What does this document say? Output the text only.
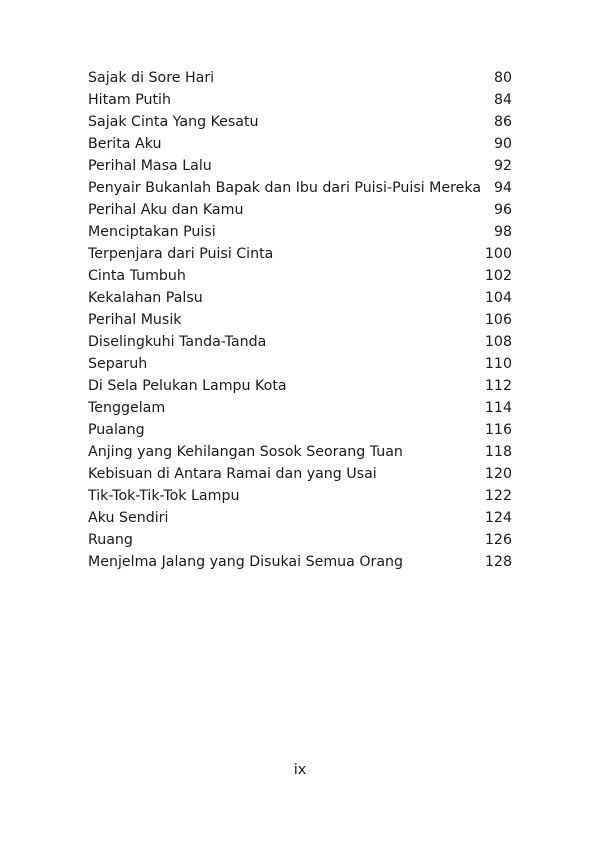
Sajak di Sore Hari	80
Hitam Putih	84
Sajak Cinta Yang Kesatu	86
Berita Aku	90
Perihal Masa Lalu	92
Penyair Bukanlah Bapak dan Ibu dari Puisi-Puisi Mereka 94
Perihal Aku dan Kamu	96
Menciptakan Puisi	98
Terpenjara dari Puisi Cinta	100
Cinta Tumbuh	102
Kekalahan Palsu	104
Perihal Musik	106
Diselingkuhi Tanda-Tanda	108
Separuh	110
Di Sela Pelukan Lampu Kota	112
Tenggelam	114
Pualang	116
Anjing yang Kehilangan Sosok Seorang Tuan	118
Kebisuan di Antara Ramai dan yang Usai	120
Tik-Tok-Tik-Tok Lampu	122
Aku Sendiri	124
Ruang	126
Menjelma Jalang yang Disukai Semua Orang	128
ix
